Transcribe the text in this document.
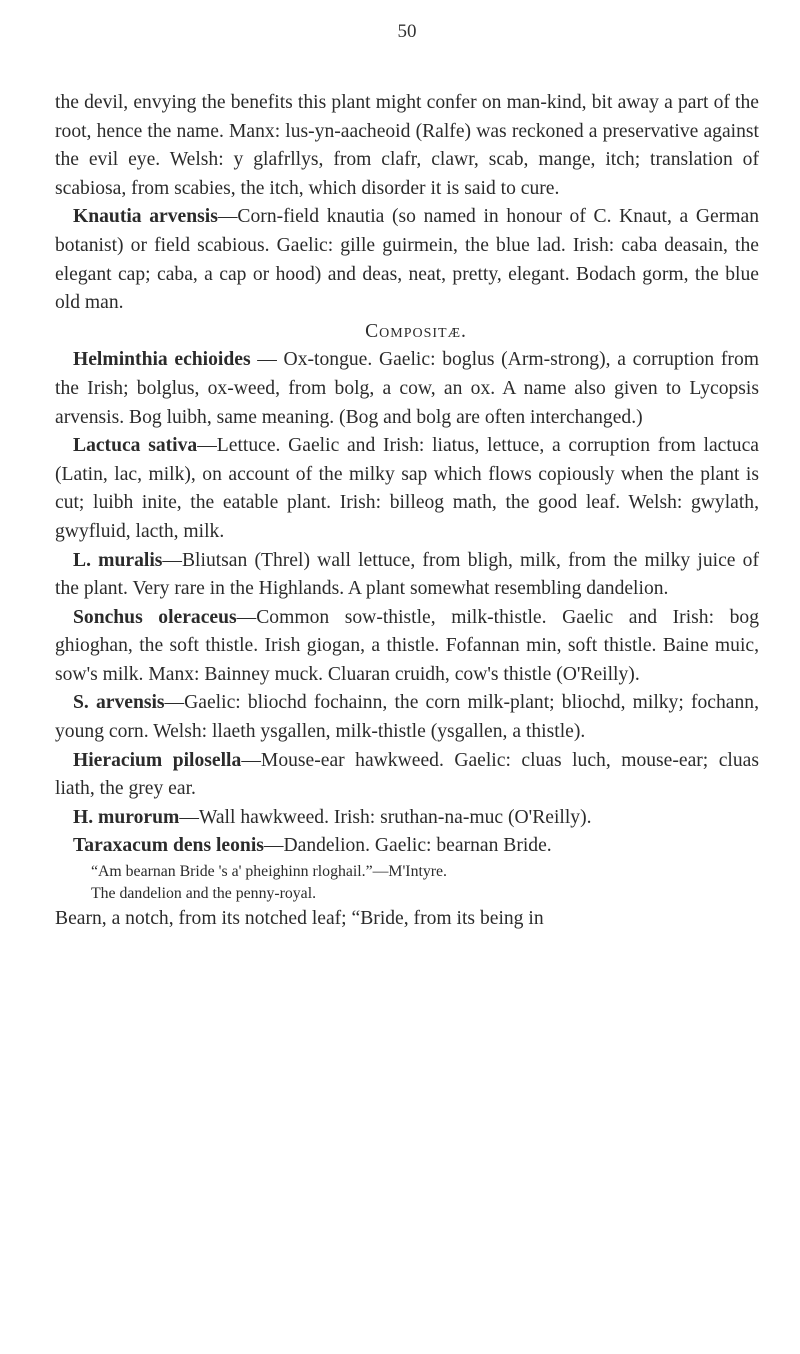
50

the devil, envying the benefits this plant might confer on man-kind, bit away a part of the root, hence the name. Manx: lus-yn-aacheoid (Ralfe) was reckoned a preservative against the evil eye. Welsh: y glafrllys, from clafr, clawr, scab, mange, itch; translation of scabiosa, from scabies, the itch, which disorder it is said to cure.

Knautia arvensis—Corn-field knautia (so named in honour of C. Knaut, a German botanist) or field scabious. Gaelic: gille guirmein, the blue lad. Irish: caba deasain, the elegant cap; caba, a cap or hood) and deas, neat, pretty, elegant. Bodach gorm, the blue old man.

Compositæ.

Helminthia echioides — Ox-tongue. Gaelic: boglus (Arm-strong), a corruption from the Irish; bolglus, ox-weed, from bolg, a cow, an ox. A name also given to Lycopsis arvensis. Bog luibh, same meaning. (Bog and bolg are often interchanged.)

Lactuca sativa—Lettuce. Gaelic and Irish: liatus, lettuce, a corruption from lactuca (Latin, lac, milk), on account of the milky sap which flows copiously when the plant is cut; luibh inite, the eatable plant. Irish: billeog math, the good leaf. Welsh: gwylath, gwyfluid, lacth, milk.

L. muralis—Bliutsan (Threl) wall lettuce, from bligh, milk, from the milky juice of the plant. Very rare in the Highlands. A plant somewhat resembling dandelion.

Sonchus oleraceus—Common sow-thistle, milk-thistle. Gaelic and Irish: bog ghioghan, the soft thistle. Irish giogan, a thistle. Fofannan min, soft thistle. Baine muic, sow's milk. Manx: Bainney muck. Cluaran cruidh, cow's thistle (O'Reilly).

S. arvensis—Gaelic: bliochd fochainn, the corn milk-plant; bliochd, milky; fochann, young corn. Welsh: llaeth ysgallen, milk-thistle (ysgallen, a thistle).

Hieracium pilosella—Mouse-ear hawkweed. Gaelic: cluas luch, mouse-ear; cluas liath, the grey ear.

H. murorum—Wall hawkweed. Irish: sruthan-na-muc (O'Reilly).

Taraxacum dens leonis—Dandelion. Gaelic: bearnan Bride.

“Am bearnan Bride 's a' pheighinn rloghail.”—M'Intyre.

The dandelion and the penny-royal.

Bearn, a notch, from its notched leaf; “Bride, from its being in
